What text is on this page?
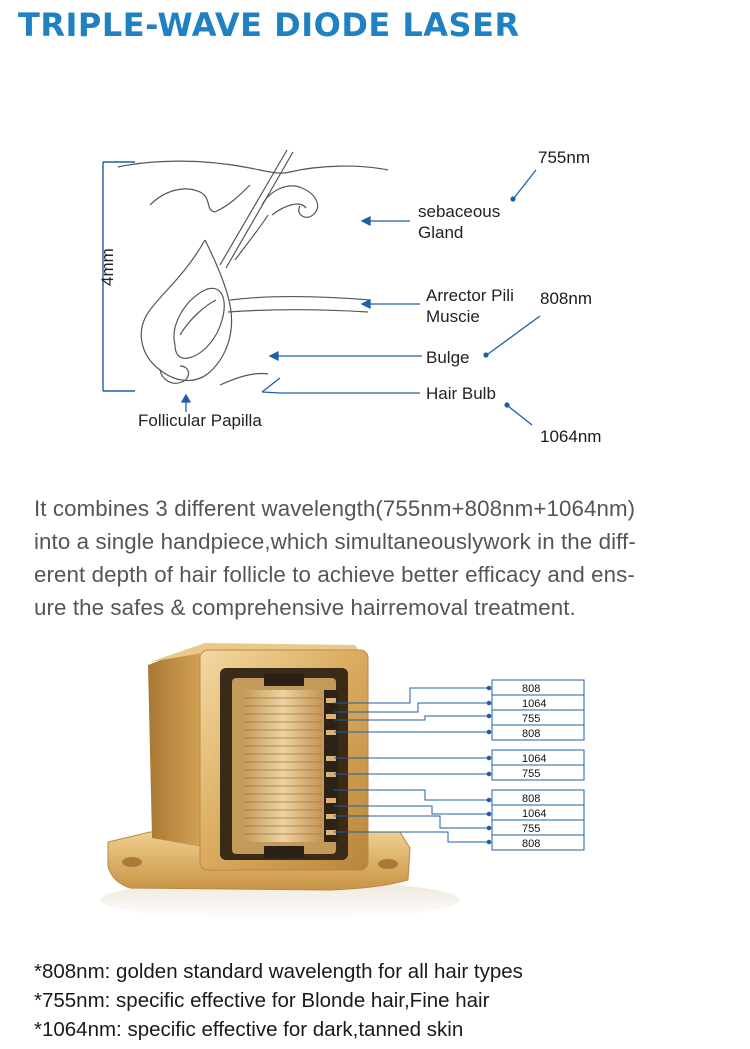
TRIPLE-WAVE DIODE LASER
4mm
sebaceous
Gland
Arrector Pili
Muscie
Bulge
Hair Bulb
Follicular Papilla
755nm
808nm
1064nm
808
1064
755
808
1064
755
808
1064
755
808

It combines 3 different wavelength(755nm+808nm+1064nm)
into a single handpiece,which simultaneouslywork in the diff-
erent depth of hair follicle to achieve better efficacy and ens-
ure the safes & comprehensive hairremoval treatment.

*808nm: golden standard wavelength for all hair types
*755nm: specific effective for Blonde hair,Fine hair
*1064nm: specific effective for dark,tanned skin
